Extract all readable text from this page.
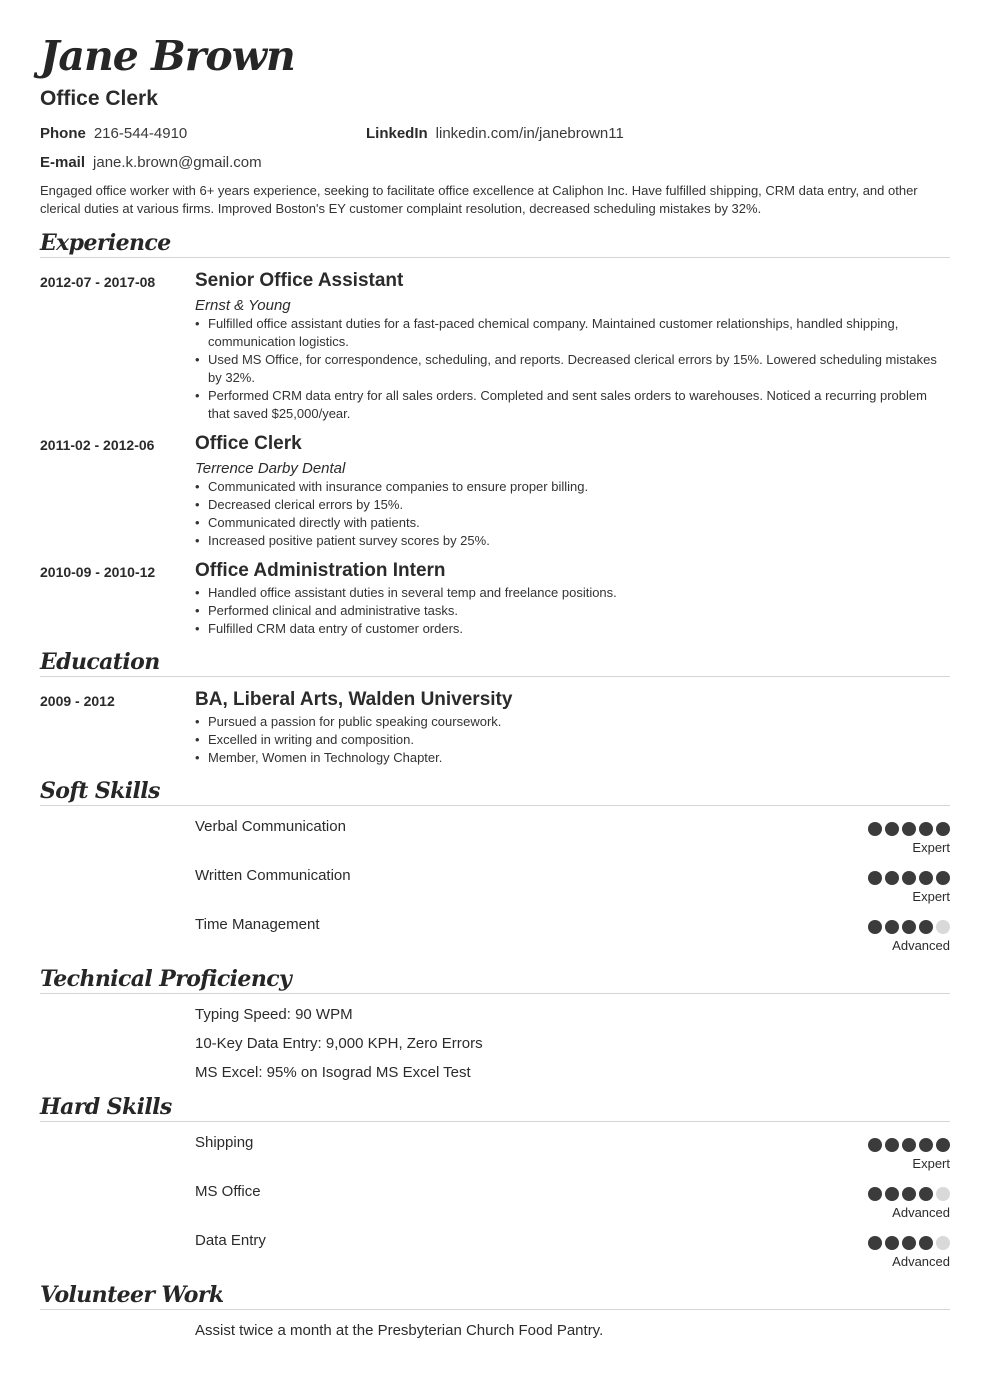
Jane Brown
Office Clerk
Phone 216-544-4910	LinkedIn linkedin.com/in/janebrown11
E-mail jane.k.brown@gmail.com
Engaged office worker with 6+ years experience, seeking to facilitate office excellence at Caliphon Inc. Have fulfilled shipping, CRM data entry, and other clerical duties at various firms. Improved Boston's EY customer complaint resolution, decreased scheduling mistakes by 32%.
Experience
2012-07 - 2017-08 Senior Office Assistant
Ernst & Young
• Fulfilled office assistant duties for a fast-paced chemical company. Maintained customer relationships, handled shipping, communication logistics.
• Used MS Office, for correspondence, scheduling, and reports. Decreased clerical errors by 15%. Lowered scheduling mistakes by 32%.
• Performed CRM data entry for all sales orders. Completed and sent sales orders to warehouses. Noticed a recurring problem that saved $25,000/year.
2011-02 - 2012-06 Office Clerk
Terrence Darby Dental
• Communicated with insurance companies to ensure proper billing.
• Decreased clerical errors by 15%.
• Communicated directly with patients.
• Increased positive patient survey scores by 25%.
2010-09 - 2010-12 Office Administration Intern
• Handled office assistant duties in several temp and freelance positions.
• Performed clinical and administrative tasks.
• Fulfilled CRM data entry of customer orders.
Education
2009 - 2012	BA, Liberal Arts, Walden University
• Pursued a passion for public speaking coursework.
• Excelled in writing and composition.
• Member, Women in Technology Chapter.
Soft Skills
Verbal Communication
Expert
Written Communication
Expert
Time Management
Advanced
Technical Proficiency
Typing Speed: 90 WPM
10-Key Data Entry: 9,000 KPH, Zero Errors
MS Excel: 95% on Isograd MS Excel Test
Hard Skills
Shipping
Expert
MS Office
Advanced
Data Entry
Advanced
Volunteer Work
Assist twice a month at the Presbyterian Church Food Pantry.
